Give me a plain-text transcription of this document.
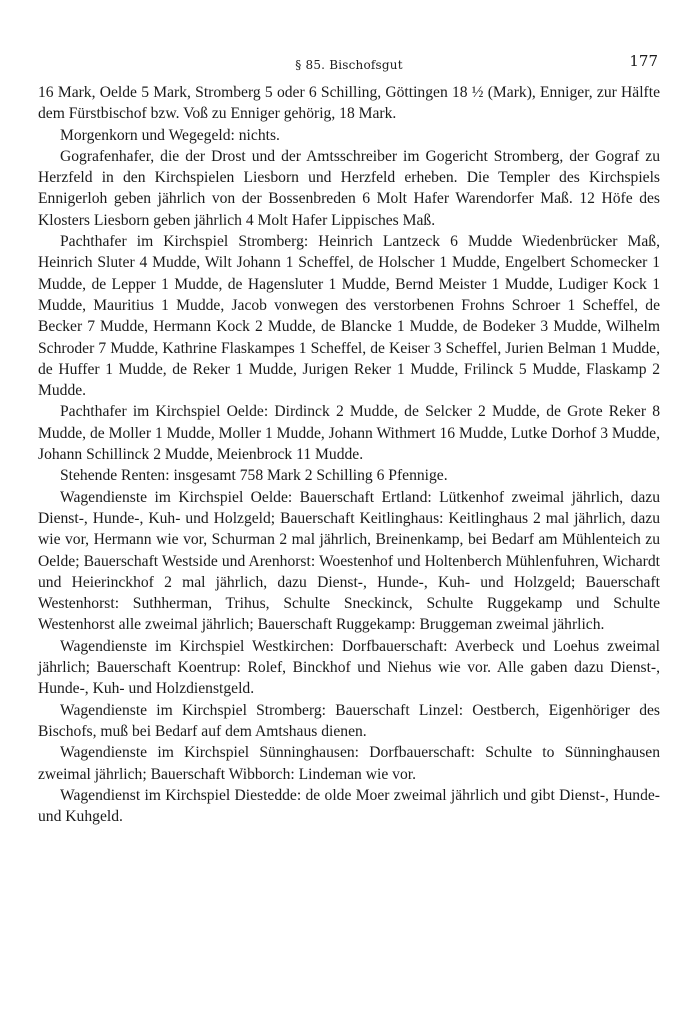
§ 85. Bischofsgut	177

16 Mark, Oelde 5 Mark, Stromberg 5 oder 6 Schilling, Göttingen 18 ½ (Mark), Enniger, zur Hälfte dem Fürstbischof bzw. Voß zu Enniger gehörig, 18 Mark.

Morgenkorn und Wegegeld: nichts.

Gografenhafer, die der Drost und der Amtsschreiber im Gogericht Stromberg, der Gograf zu Herzfeld in den Kirchspielen Liesborn und Herzfeld erheben. Die Templer des Kirchspiels Ennigerloh geben jährlich von der Bossenbreden 6 Molt Hafer Warendorfer Maß. 12 Höfe des Klosters Liesborn geben jährlich 4 Molt Hafer Lippisches Maß.

Pachthafer im Kirchspiel Stromberg: Heinrich Lantzeck 6 Mudde Wiedenbrücker Maß, Heinrich Sluter 4 Mudde, Wilt Johann 1 Scheffel, de Holscher 1 Mudde, Engelbert Schomecker 1 Mudde, de Lepper 1 Mudde, de Hagensluter 1 Mudde, Bernd Meister 1 Mudde, Ludiger Kock 1 Mudde, Mauritius 1 Mudde, Jacob vonwegen des verstorbenen Frohns Schroer 1 Scheffel, de Becker 7 Mudde, Hermann Kock 2 Mudde, de Blancke 1 Mudde, de Bodeker 3 Mudde, Wilhelm Schroder 7 Mudde, Kathrine Flaskampes 1 Scheffel, de Keiser 3 Scheffel, Jurien Belman 1 Mudde, de Huffer 1 Mudde, de Reker 1 Mudde, Jurigen Reker 1 Mudde, Frilinck 5 Mudde, Flaskamp 2 Mudde.

Pachthafer im Kirchspiel Oelde: Dirdinck 2 Mudde, de Selcker 2 Mudde, de Grote Reker 8 Mudde, de Moller 1 Mudde, Moller 1 Mudde, Johann Withmert 16 Mudde, Lutke Dorhof 3 Mudde, Johann Schillinck 2 Mudde, Meienbrock 11 Mudde.

Stehende Renten: insgesamt 758 Mark 2 Schilling 6 Pfennige.

Wagendienste im Kirchspiel Oelde: Bauerschaft Ertland: Lütkenhof zweimal jährlich, dazu Dienst-, Hunde-, Kuh- und Holzgeld; Bauerschaft Keitlinghaus: Keitlinghaus 2 mal jährlich, dazu wie vor, Hermann wie vor, Schurman 2 mal jährlich, Breinenkamp, bei Bedarf am Mühlenteich zu Oelde; Bauerschaft Westside und Arenhorst: Woestenhof und Holtenberch Mühlenfuhren, Wichardt und Heierinckhof 2 mal jährlich, dazu Dienst-, Hunde-, Kuh- und Holzgeld; Bauerschaft Westenhorst: Suthherman, Trihus, Schulte Sneckinck, Schulte Ruggekamp und Schulte Westenhorst alle zweimal jährlich; Bauerschaft Ruggekamp: Bruggeman zweimal jährlich.

Wagendienste im Kirchspiel Westkirchen: Dorfbauerschaft: Averbeck und Loehus zweimal jährlich; Bauerschaft Koentrup: Rolef, Binckhof und Niehus wie vor. Alle gaben dazu Dienst-, Hunde-, Kuh- und Holzdienstgeld.

Wagendienste im Kirchspiel Stromberg: Bauerschaft Linzel: Oestberch, Eigenhöriger des Bischofs, muß bei Bedarf auf dem Amtshaus dienen.

Wagendienste im Kirchspiel Sünninghausen: Dorfbauerschaft: Schulte to Sünninghausen zweimal jährlich; Bauerschaft Wibborch: Lindeman wie vor.

Wagendienst im Kirchspiel Diestedde: de olde Moer zweimal jährlich und gibt Dienst-, Hunde- und Kuhgeld.
